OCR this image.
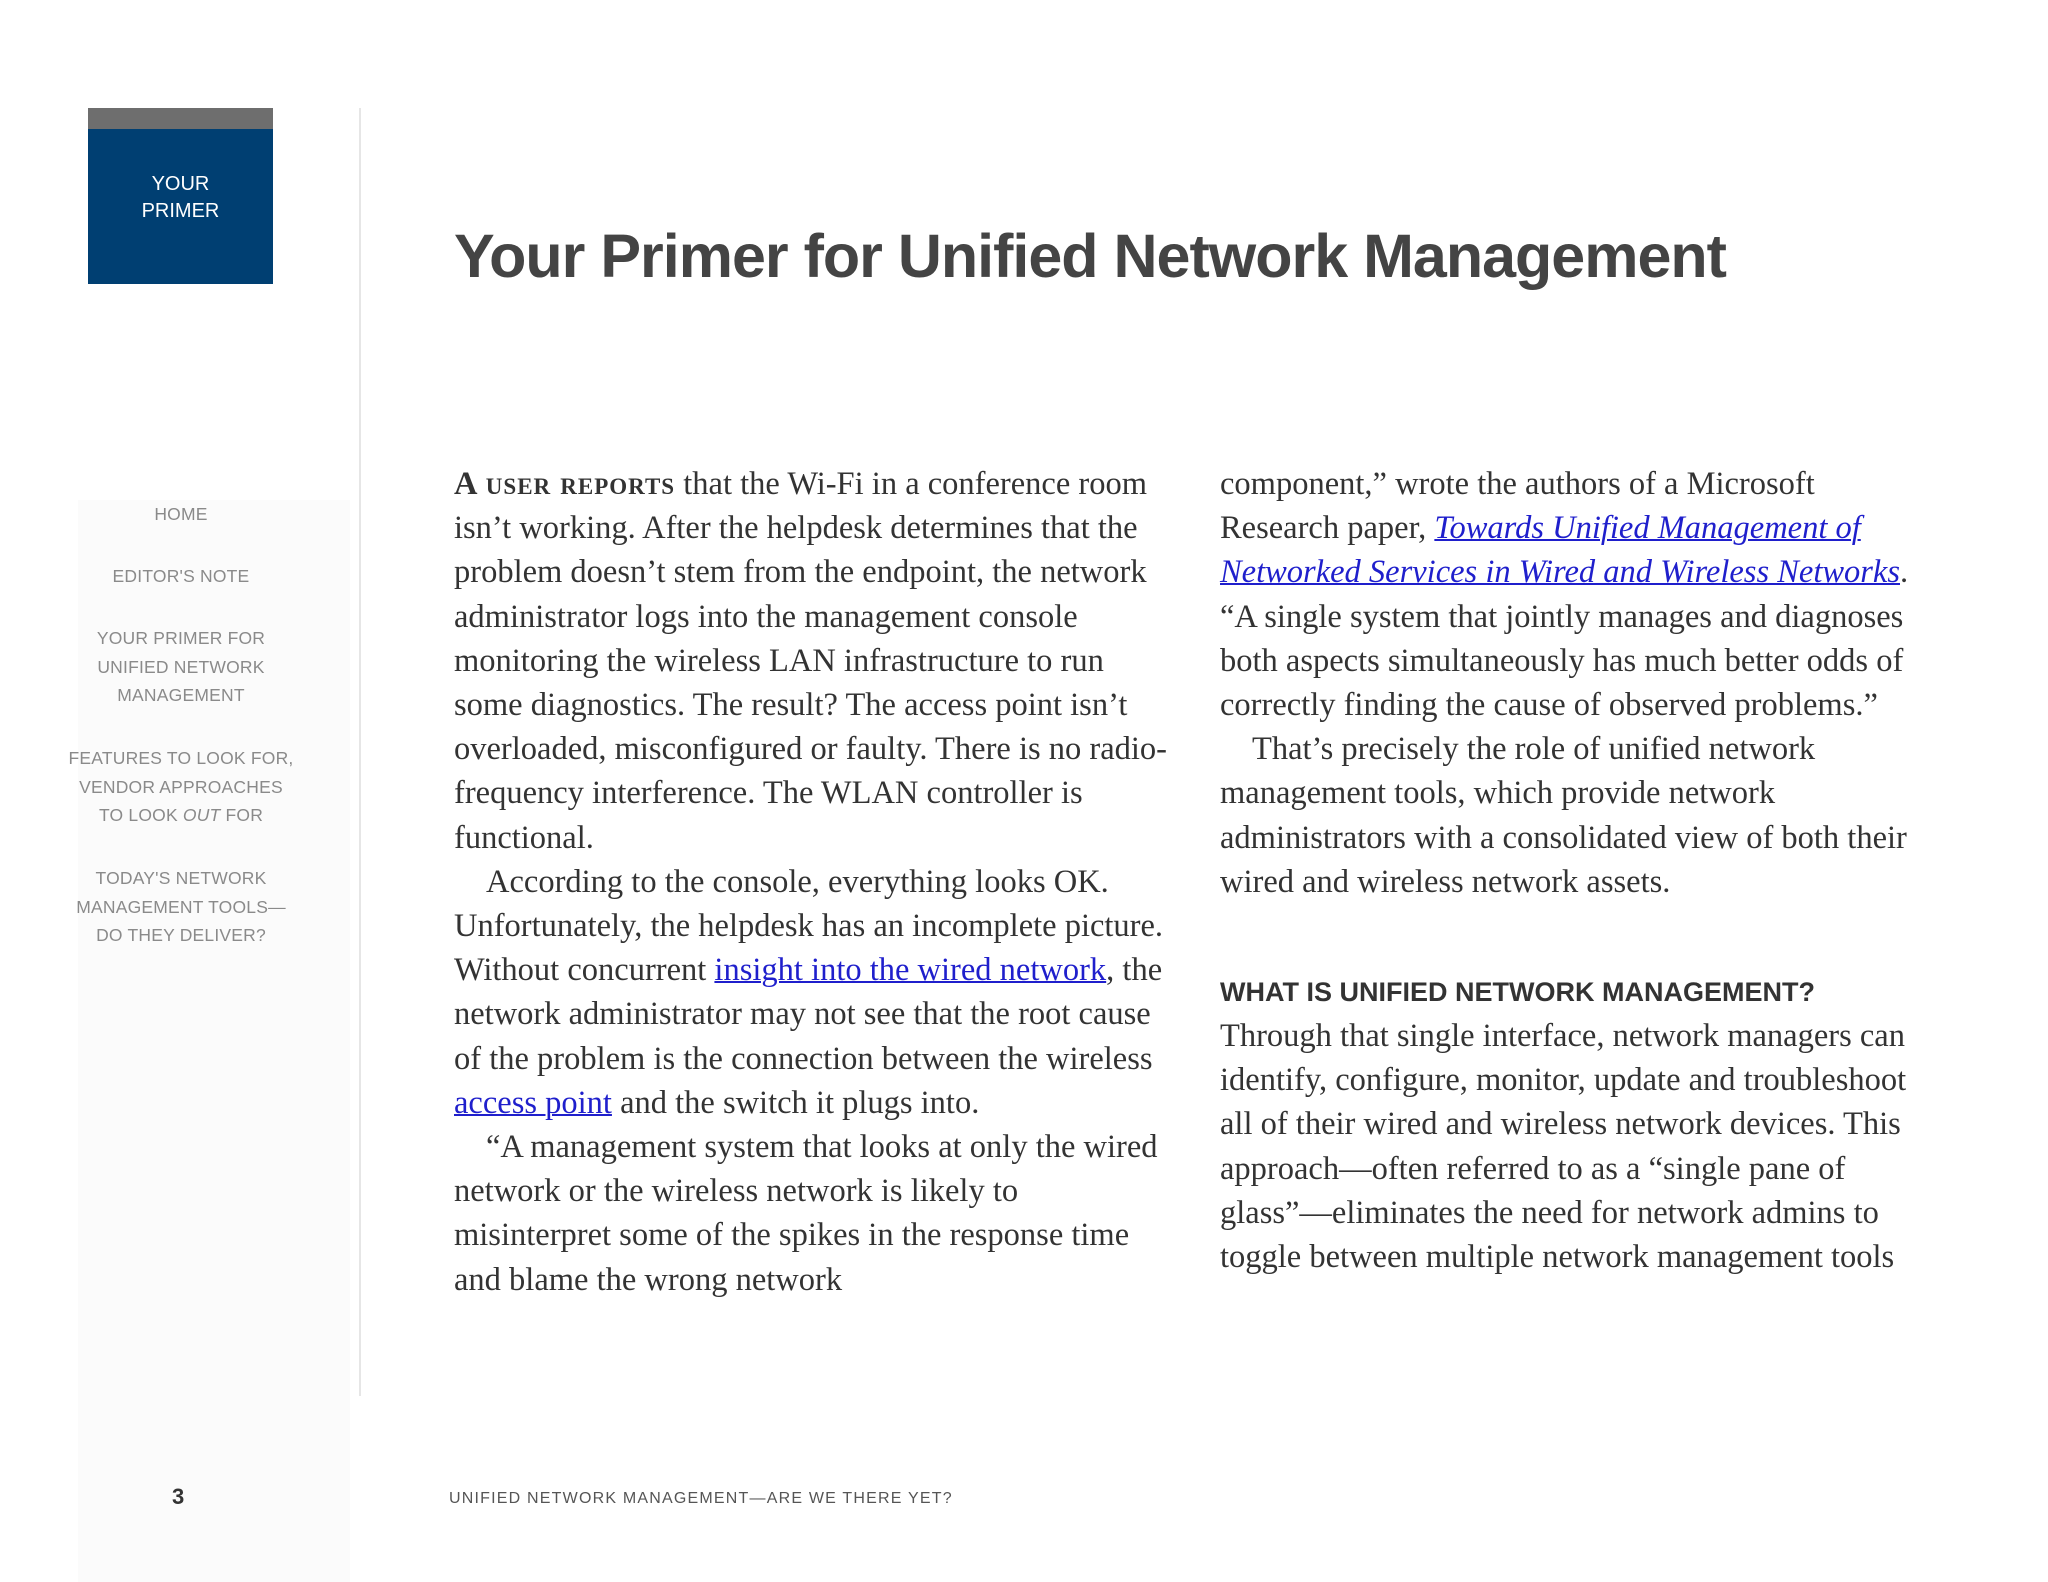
YOUR
PRIMER
HOME
EDITOR'S NOTE
YOUR PRIMER FOR
UNIFIED NETWORK
MANAGEMENT
FEATURES TO LOOK FOR,
VENDOR APPROACHES
TO LOOK OUT FOR
TODAY'S NETWORK
MANAGEMENT TOOLS—
DO THEY DELIVER?
Your Primer for Unified Network Management

A user reports that the Wi-Fi in a conference room isn’t working. After the helpdesk determines that the problem doesn’t stem from the endpoint, the network administrator logs into the management console monitoring the wireless LAN infrastructure to run some diagnostics. The result? The access point isn’t overloaded, misconfigured or faulty. There is no radio-frequency interference. The WLAN controller is functional.

According to the console, everything looks OK. Unfortunately, the helpdesk has an incomplete picture. Without concurrent insight into the wired network, the network administrator may not see that the root cause of the problem is the connection between the wireless access point and the switch it plugs into.

“A management system that looks at only the wired network or the wireless network is likely to misinterpret some of the spikes in the response time and blame the wrong network

component,” wrote the authors of a Microsoft Research paper, Towards Unified Management of Networked Services in Wired and Wireless Networks. “A single system that jointly manages and diagnoses both aspects simultaneously has much better odds of correctly finding the cause of observed problems.”

That’s precisely the role of unified network management tools, which provide network administrators with a consolidated view of both their wired and wireless network assets.

WHAT IS UNIFIED NETWORK MANAGEMENT?

Through that single interface, network managers can identify, configure, monitor, update and troubleshoot all of their wired and wireless network devices. This approach—often referred to as a “single pane of glass”—eliminates the need for network admins to toggle between multiple network management tools

3	UNIFIED NETWORK MANAGEMENT—ARE WE THERE YET?
